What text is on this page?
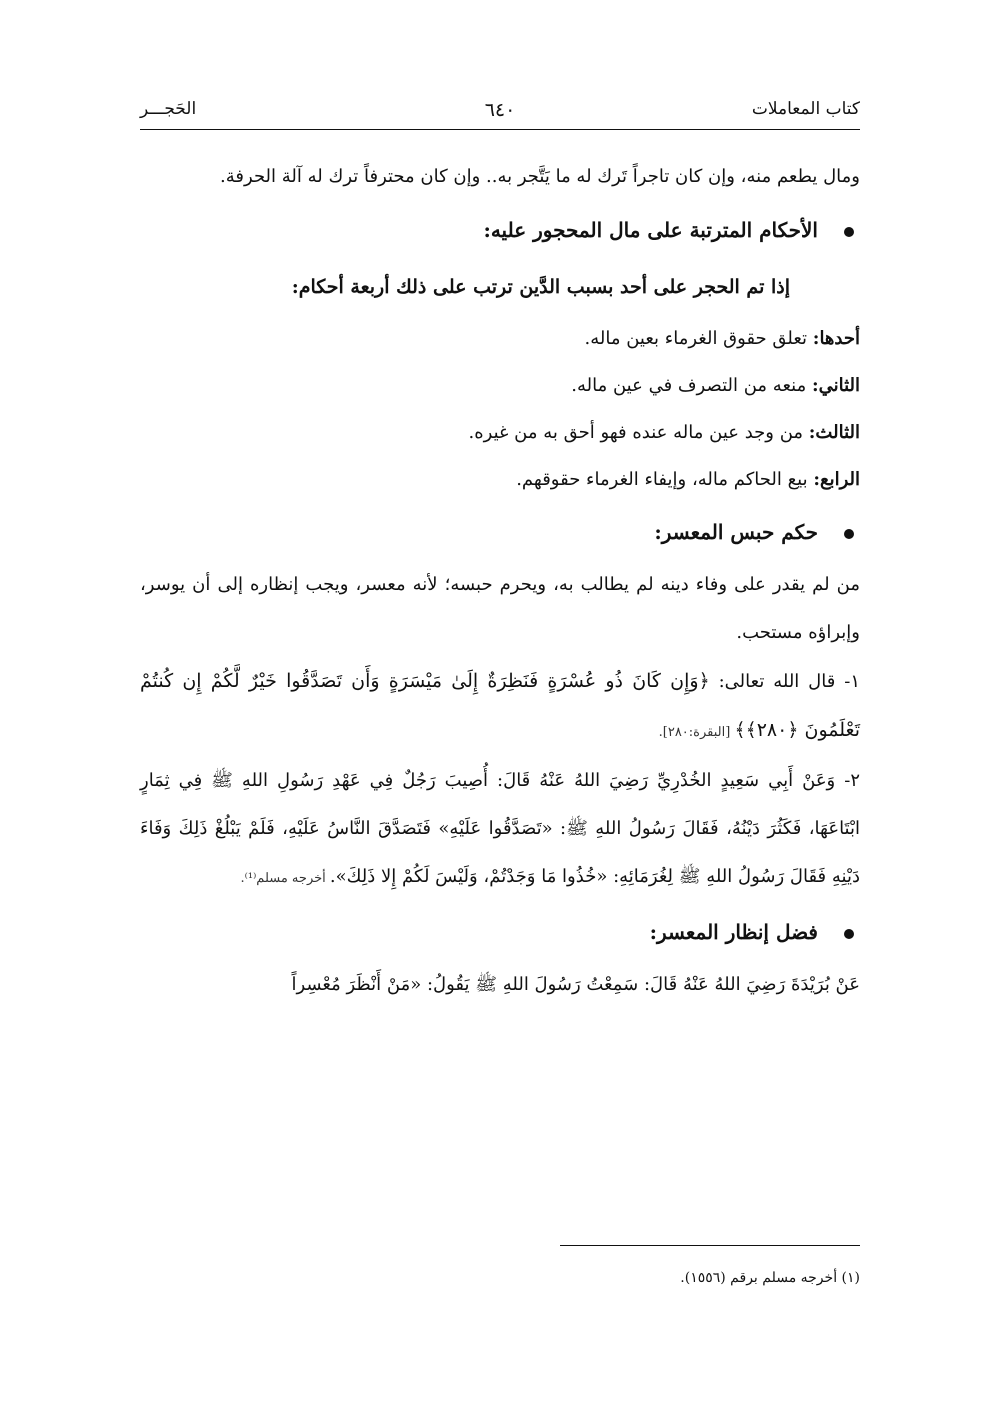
كتاب المعاملات
٦٤٠
الحَجـــر

ومال يطعم منه، وإن كان تاجراً تَرك له ما يَتَّجر به.. وإن كان محترفاً ترك له آلة الحرفة.

الأحكام المترتبة على مال المحجور عليه:

إذا تم الحجر على أحد بسبب الدَّين ترتب على ذلك أربعة أحكام:

أحدها: تعلق حقوق الغرماء بعين ماله.

الثاني: منعه من التصرف في عين ماله.

الثالث: من وجد عين ماله عنده فهو أحق به من غيره.

الرابع: بيع الحاكم ماله، وإيفاء الغرماء حقوقهم.

حكم حبس المعسر:

من لم يقدر على وفاء دينه لم يطالب به، ويحرم حبسه؛ لأنه معسر، ويجب إنظاره إلى أن يوسر، وإبراؤه مستحب.

١- قال الله تعالى: ﴿وَإِن كَانَ ذُو عُسْرَةٍ فَنَظِرَةٌ إِلَىٰ مَيْسَرَةٍ وَأَن تَصَدَّقُوا خَيْرٌ لَّكُمْ إِن كُنتُمْ تَعْلَمُونَ ﴿٢٨٠﴾﴾ [البقرة:٢٨٠].

٢- وَعَنْ أَبِي سَعِيدٍ الخُدْرِيِّ رَضِيَ اللهُ عَنْهُ قَالَ: أُصِيبَ رَجُلٌ فِي عَهْدِ رَسُولِ اللهِ ﷺ فِي ثِمَارٍ ابْتَاعَهَا، فَكَثُرَ دَيْنُهُ، فَقَالَ رَسُولُ اللهِ ﷺ: «تَصَدَّقُوا عَلَيْهِ» فَتَصَدَّقَ النَّاسُ عَلَيْهِ، فَلَمْ يَبْلُغْ ذَلِكَ وَفَاءَ دَيْنِهِ فَقَالَ رَسُولُ اللهِ ﷺ لِغُرَمَائِهِ: «خُذُوا مَا وَجَدْتُمْ، وَلَيْسَ لَكُمْ إِلا ذَلِكَ». أخرجه مسلم⁽¹⁾.

فضل إنظار المعسر:

عَنْ بُرَيْدَةَ رَضِيَ اللهُ عَنْهُ قَالَ: سَمِعْتُ رَسُولَ اللهِ ﷺ يَقُولُ: «مَنْ أَنْظَرَ مُعْسِراً

(١) أخرجه مسلم برقم (١٥٥٦).
